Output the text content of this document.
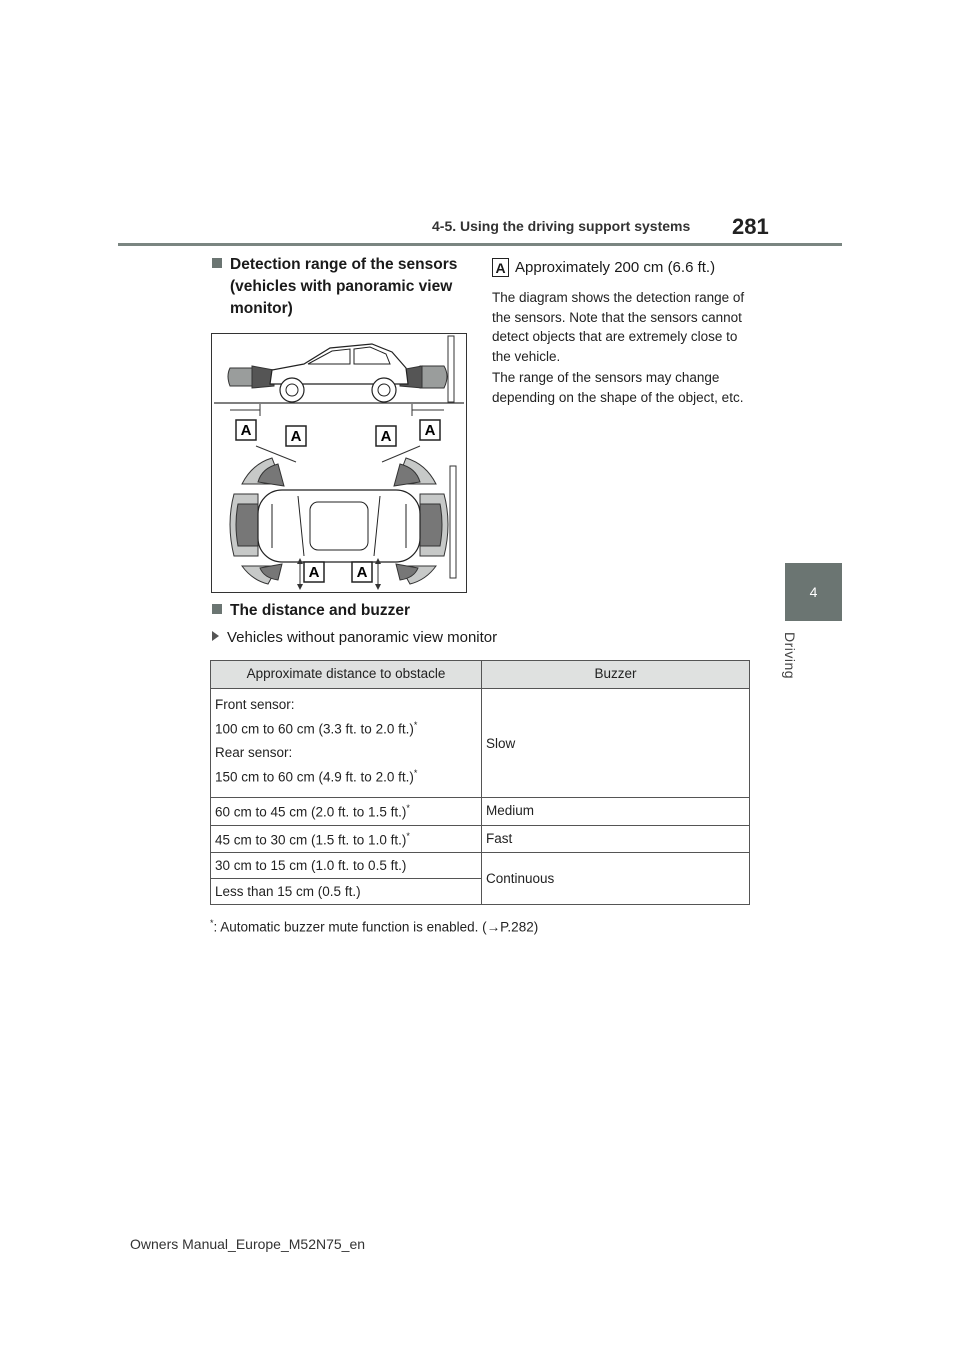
4-5. Using the driving support systems 281
4
Driving
Detection range of the sensors (vehicles with panoramic view monitor)
A Approximately 200 cm (6.6 ft.)

The diagram shows the detection range of the sensors. Note that the sensors cannot detect objects that are extremely close to the vehicle.

The range of the sensors may change depending on the shape of the object, etc.

A	A	A A
A A
The distance and buzzer
Vehicles without panoramic view monitor
Approximate distance to obstacle	Buzzer

Front sensor:

100 cm to 60 cm (3.3 ft. to 2.0 ft.)*

Rear sensor:

150 cm to 60 cm (4.9 ft. to 2.0 ft.)*	Slow
60 cm to 45 cm (2.0 ft. to 1.5 ft.)*	Medium
45 cm to 30 cm (1.5 ft. to 1.0 ft.)*	Fast
30 cm to 15 cm (1.0 ft. to 0.5 ft.)	Continuous
Less than 15 cm (0.5 ft.)	
*: Automatic buzzer mute function is enabled. (→P.282)
Owners Manual_Europe_M52N75_en
